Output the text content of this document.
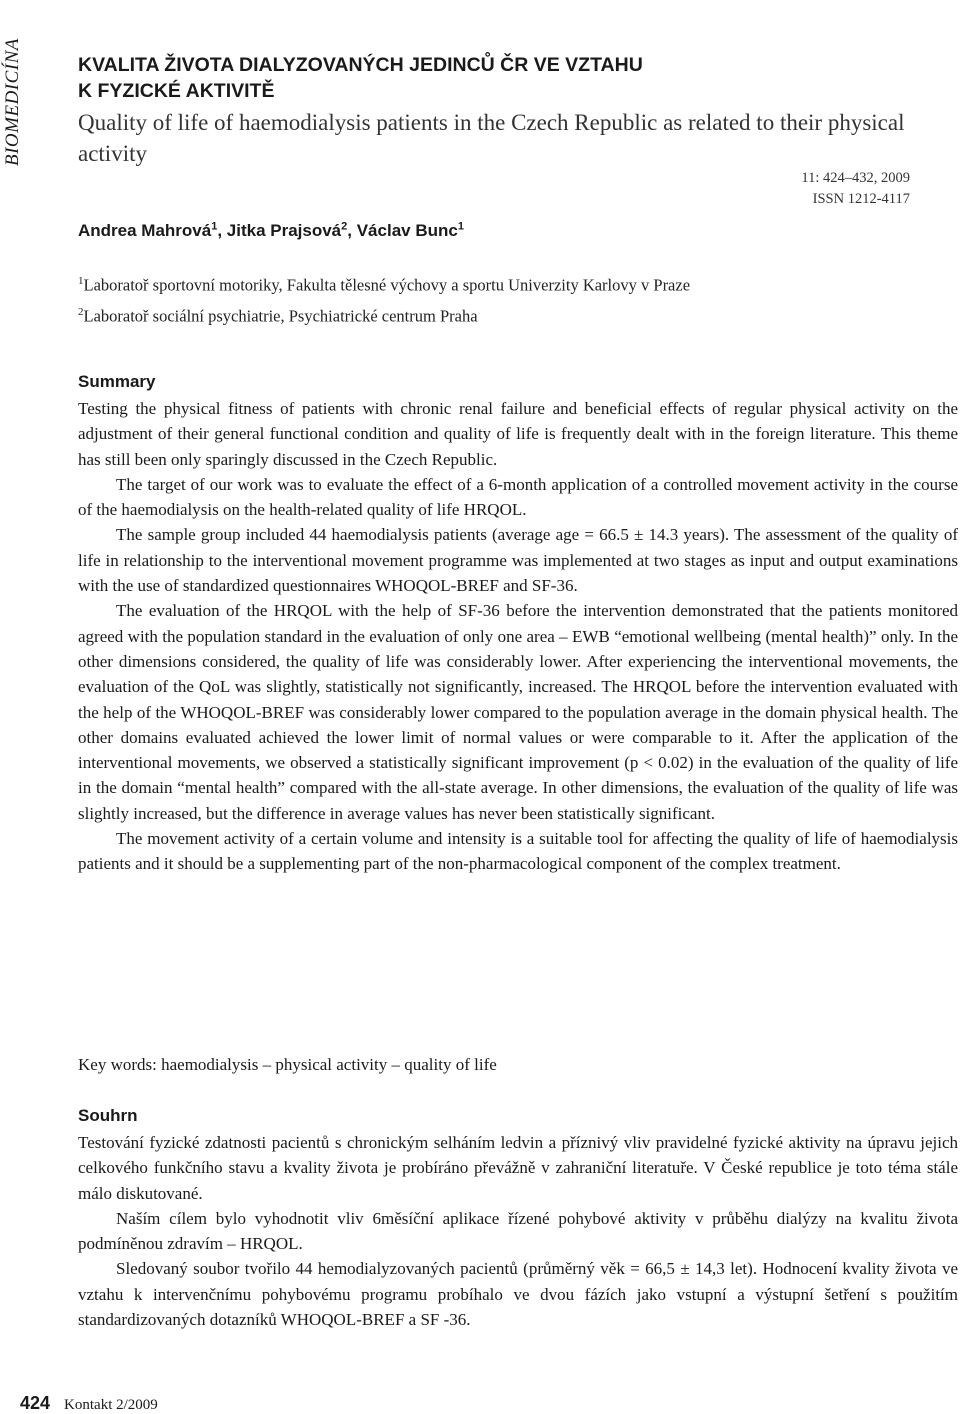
BIOMEDICÍNA	KVALITA ŽIVOTA DIALYZOVANÝCH JEDINCŮ ČR VE VZTAHU
K FYZICKÉ AKTIVITĚ
Quality of life of haemodialysis patients in the Czech Republic as related to their physical activity
11: 424–432, 2009
ISSN 1212-4117
Andrea Mahrová$^1$, Jitka Prajsová$^2$, Václav Bunc$^1$
$^1$Laboratoř sportovní motoriky, Fakulta tělesné výchovy a sportu Univerzity Karlovy v Praze
$^2$Laboratoř sociální psychiatrie, Psychiatrické centrum Praha
Summary

Testing the physical fitness of patients with chronic renal failure and beneficial effects of regular physical activity on the adjustment of their general functional condition and quality of life is frequently dealt with in the foreign literature. This theme has still been only sparingly discussed in the Czech Republic.

The target of our work was to evaluate the effect of a 6-month application of a controlled movement activity in the course of the haemodialysis on the health-related quality of life HRQOL.

The sample group included 44 haemodialysis patients (average age = 66.5 ± 14.3 years). The assessment of the quality of life in relationship to the interventional movement programme was implemented at two stages as input and output examinations with the use of standardized questionnaires WHOQOL-BREF and SF-36.

The evaluation of the HRQOL with the help of SF-36 before the intervention demonstrated that the patients monitored agreed with the population standard in the evaluation of only one area – EWB “emotional wellbeing (mental health)” only. In the other dimensions considered, the quality of life was considerably lower. After experiencing the interventional movements, the evaluation of the QoL was slightly, statistically not significantly, increased. The HRQOL before the intervention evaluated with the help of the WHOQOL-BREF was considerably lower compared to the population average in the domain physical health. The other domains evaluated achieved the lower limit of normal values or were comparable to it. After the application of the interventional movements, we observed a statistically significant improvement (p < 0.02) in the evaluation of the quality of life in the domain “mental health” compared with the all-state average. In other dimensions, the evaluation of the quality of life was slightly increased, but the difference in average values has never been statistically significant.

The movement activity of a certain volume and intensity is a suitable tool for affecting the quality of life of haemodialysis patients and it should be a supplementing part of the non-pharmacological component of the complex treatment.

Key words: haemodialysis – physical activity – quality of life

Souhrn

Testování fyzické zdatnosti pacientů s chronickým selháním ledvin a příznivý vliv pravidelné fyzické aktivity na úpravu jejich celkového funkčního stavu a kvality života je probíráno převážně v zahraniční literatuře. V České republice je toto téma stále málo diskutované.

Naším cílem bylo vyhodnotit vliv 6měsíční aplikace řízené pohybové aktivity v průběhu dialýzy na kvalitu života podmíněnou zdravím – HRQOL.

Sledovaný soubor tvořilo 44 hemodialyzovaných pacientů (průměrný věk = 66,5 ± 14,3 let). Hodnocení kvality života ve vztahu k intervenčnímu pohybovému programu probíhalo ve dvou fázích jako vstupní a výstupní šetření s použitím standardizovaných dotazníků WHOQOL-BREF a SF -36.

424 Kontakt 2/2009
